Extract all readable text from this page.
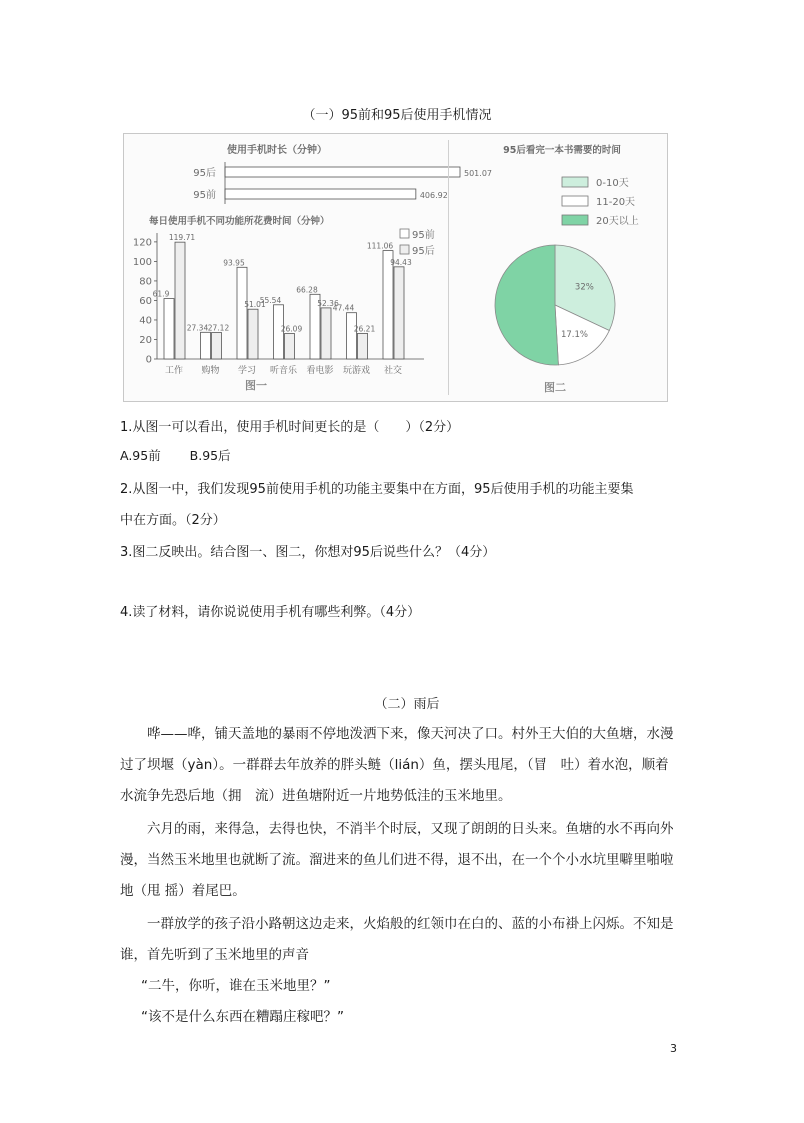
（一）95前和95后使用手机情况
使用手机时长（分钟）
95后	501.07
95前	406.92
每日使用手机不同功能所花费时间（分钟）
95前
95后
0
20
40
60
80
100
120
61.9
119.71
工作
27.34 27.12
购物
93.95
51.01
学习
55.54
26.09
听音乐
66.28
52.36
看电影
47.44
26.21
玩游戏
111.06
94.43
社交
图一
95后看完一本书需要的时间
0-10天
11-20天
20天以上
32%
17.1%
图二
1.从图一可以看出，使用手机时间更长的是（　　）（2分）
A.95前　　 B.95后
2.从图一中，我们发现95前使用手机的功能主要集中在方面，95后使用手机的功能主要集
中在方面。（2分）
3.图二反映出。结合图一、图二，你想对95后说些什么？（4分）
4.读了材料，请你说说使用手机有哪些利弊。（4分）
（二）雨后
哗——哗，铺天盖地的暴雨不停地泼洒下来，像天河决了口。村外王大伯的大鱼塘，水漫过了坝堰（yàn）。一群群去年放养的胖头鲢（lián）鱼，摆头甩尾，（冒　吐）着水泡，顺着水流争先恐后地（拥　流）进鱼塘附近一片地势低洼的玉米地里。
六月的雨，来得急，去得也快，不消半个时辰，又现了朗朗的日头来。鱼塘的水不再向外漫，当然玉米地里也就断了流。溜进来的鱼儿们进不得，退不出，在一个个小水坑里噼里啪啦地（甩 摇）着尾巴。
一群放学的孩子沿小路朝这边走来，火焰般的红领巾在白的、蓝的小布褂上闪烁。不知是谁，首先听到了玉米地里的声音
“二牛，你听，谁在玉米地里？”
“该不是什么东西在糟蹋庄稼吧？”
3
